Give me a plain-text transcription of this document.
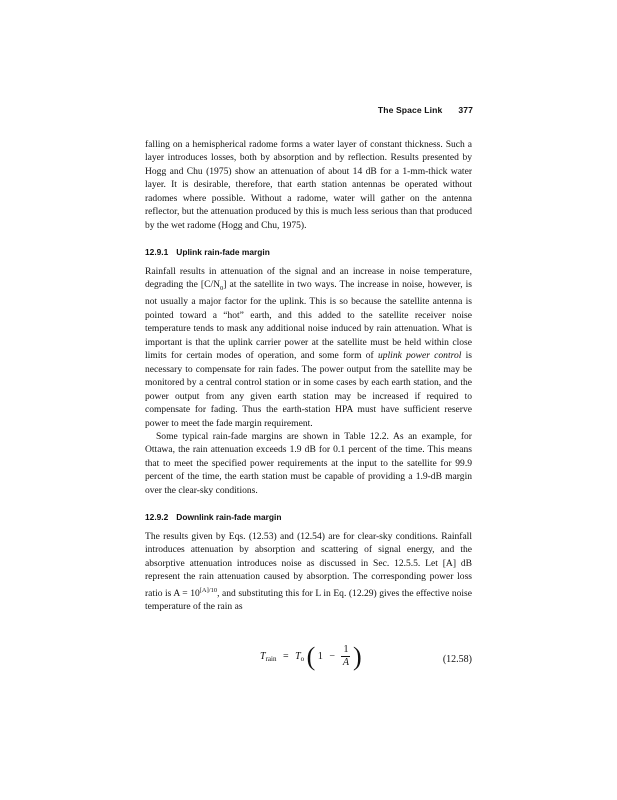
The Space Link 377

falling on a hemispherical radome forms a water layer of constant thickness. Such a layer introduces losses, both by absorption and by reflection. Results presented by Hogg and Chu (1975) show an attenuation of about 14 dB for a 1-mm-thick water layer. It is desirable, therefore, that earth station antennas be operated without radomes where possible. Without a radome, water will gather on the antenna reflector, but the attenuation produced by this is much less serious than that produced by the wet radome (Hogg and Chu, 1975).

12.9.1 Uplink rain-fade margin

Rainfall results in attenuation of the signal and an increase in noise temperature, degrading the $[C/N_0]$ at the satellite in two ways. The increase in noise, however, is not usually a major factor for the uplink. This is so because the satellite antenna is pointed toward a “hot” earth, and this added to the satellite receiver noise temperature tends to mask any additional noise induced by rain attenuation. What is important is that the uplink carrier power at the satellite must be held within close limits for certain modes of operation, and some form of uplink power control is necessary to compensate for rain fades. The power output from the satellite may be monitored by a central control station or in some cases by each earth station, and the power output from any given earth station may be increased if required to compensate for fading. Thus the earth-station HPA must have sufficient reserve power to meet the fade margin requirement.

Some typical rain-fade margins are shown in Table 12.2. As an example, for Ottawa, the rain attenuation exceeds 1.9 dB for 0.1 percent of the time. This means that to meet the specified power requirements at the input to the satellite for 99.9 percent of the time, the earth station must be capable of providing a 1.9-dB margin over the clear-sky conditions.

12.9.2 Downlink rain-fade margin

The results given by Eqs. (12.53) and (12.54) are for clear-sky conditions. Rainfall introduces attenuation by absorption and scattering of signal energy, and the absorptive attenuation introduces noise as discussed in Sec. 12.5.5. Let [A] dB represent the rain attenuation caused by absorption. The corresponding power loss ratio is $A = 10^{[A]/10}$, and substituting this for L in Eq. (12.29) gives the effective noise temperature of the rain as

$T_{rain} = T_o$ ( $1 - \frac{1}{A}$ )	(12.58)
